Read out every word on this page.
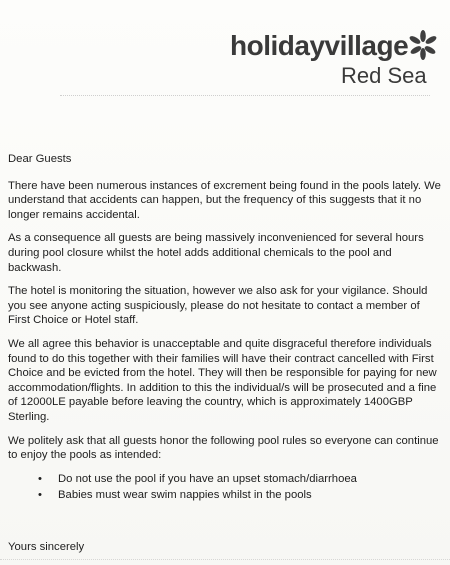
holidayvillage
Red Sea

Dear Guests

There have been numerous instances of excrement being found in the pools lately. We understand that accidents can happen, but the frequency of this suggests that it no longer remains accidental.

As a consequence all guests are being massively inconvenienced for several hours during pool closure whilst the hotel adds additional chemicals to the pool and backwash.

The hotel is monitoring the situation, however we also ask for your vigilance. Should you see anyone acting suspiciously, please do not hesitate to contact a member of First Choice or Hotel staff.

We all agree this behavior is unacceptable and quite disgraceful therefore individuals found to do this together with their families will have their contract cancelled with First Choice and be evicted from the hotel. They will then be responsible for paying for new accommodation/flights. In addition to this the individual/s will be prosecuted and a fine of 12000LE payable before leaving the country, which is approximately 1400GBP Sterling.

We politely ask that all guests honor the following pool rules so everyone can continue to enjoy the pools as intended:

• Do not use the pool if you have an upset stomach/diarrhoea
• Babies must wear swim nappies whilst in the pools
Yours sincerely
